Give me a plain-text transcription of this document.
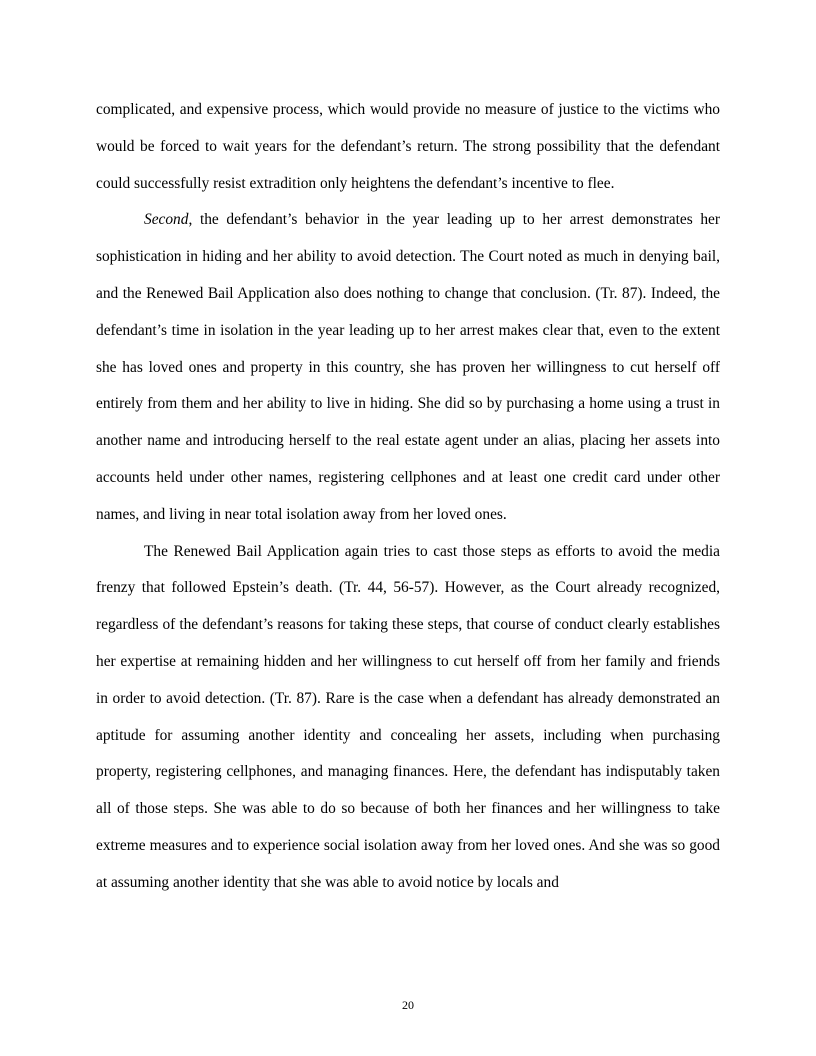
complicated, and expensive process, which would provide no measure of justice to the victims who would be forced to wait years for the defendant’s return. The strong possibility that the defendant could successfully resist extradition only heightens the defendant’s incentive to flee.

Second, the defendant’s behavior in the year leading up to her arrest demonstrates her sophistication in hiding and her ability to avoid detection. The Court noted as much in denying bail, and the Renewed Bail Application also does nothing to change that conclusion. (Tr. 87). Indeed, the defendant’s time in isolation in the year leading up to her arrest makes clear that, even to the extent she has loved ones and property in this country, she has proven her willingness to cut herself off entirely from them and her ability to live in hiding. She did so by purchasing a home using a trust in another name and introducing herself to the real estate agent under an alias, placing her assets into accounts held under other names, registering cellphones and at least one credit card under other names, and living in near total isolation away from her loved ones.

The Renewed Bail Application again tries to cast those steps as efforts to avoid the media frenzy that followed Epstein’s death. (Tr. 44, 56-57). However, as the Court already recognized, regardless of the defendant’s reasons for taking these steps, that course of conduct clearly establishes her expertise at remaining hidden and her willingness to cut herself off from her family and friends in order to avoid detection. (Tr. 87). Rare is the case when a defendant has already demonstrated an aptitude for assuming another identity and concealing her assets, including when purchasing property, registering cellphones, and managing finances. Here, the defendant has indisputably taken all of those steps. She was able to do so because of both her finances and her willingness to take extreme measures and to experience social isolation away from her loved ones. And she was so good at assuming another identity that she was able to avoid notice by locals and

20
